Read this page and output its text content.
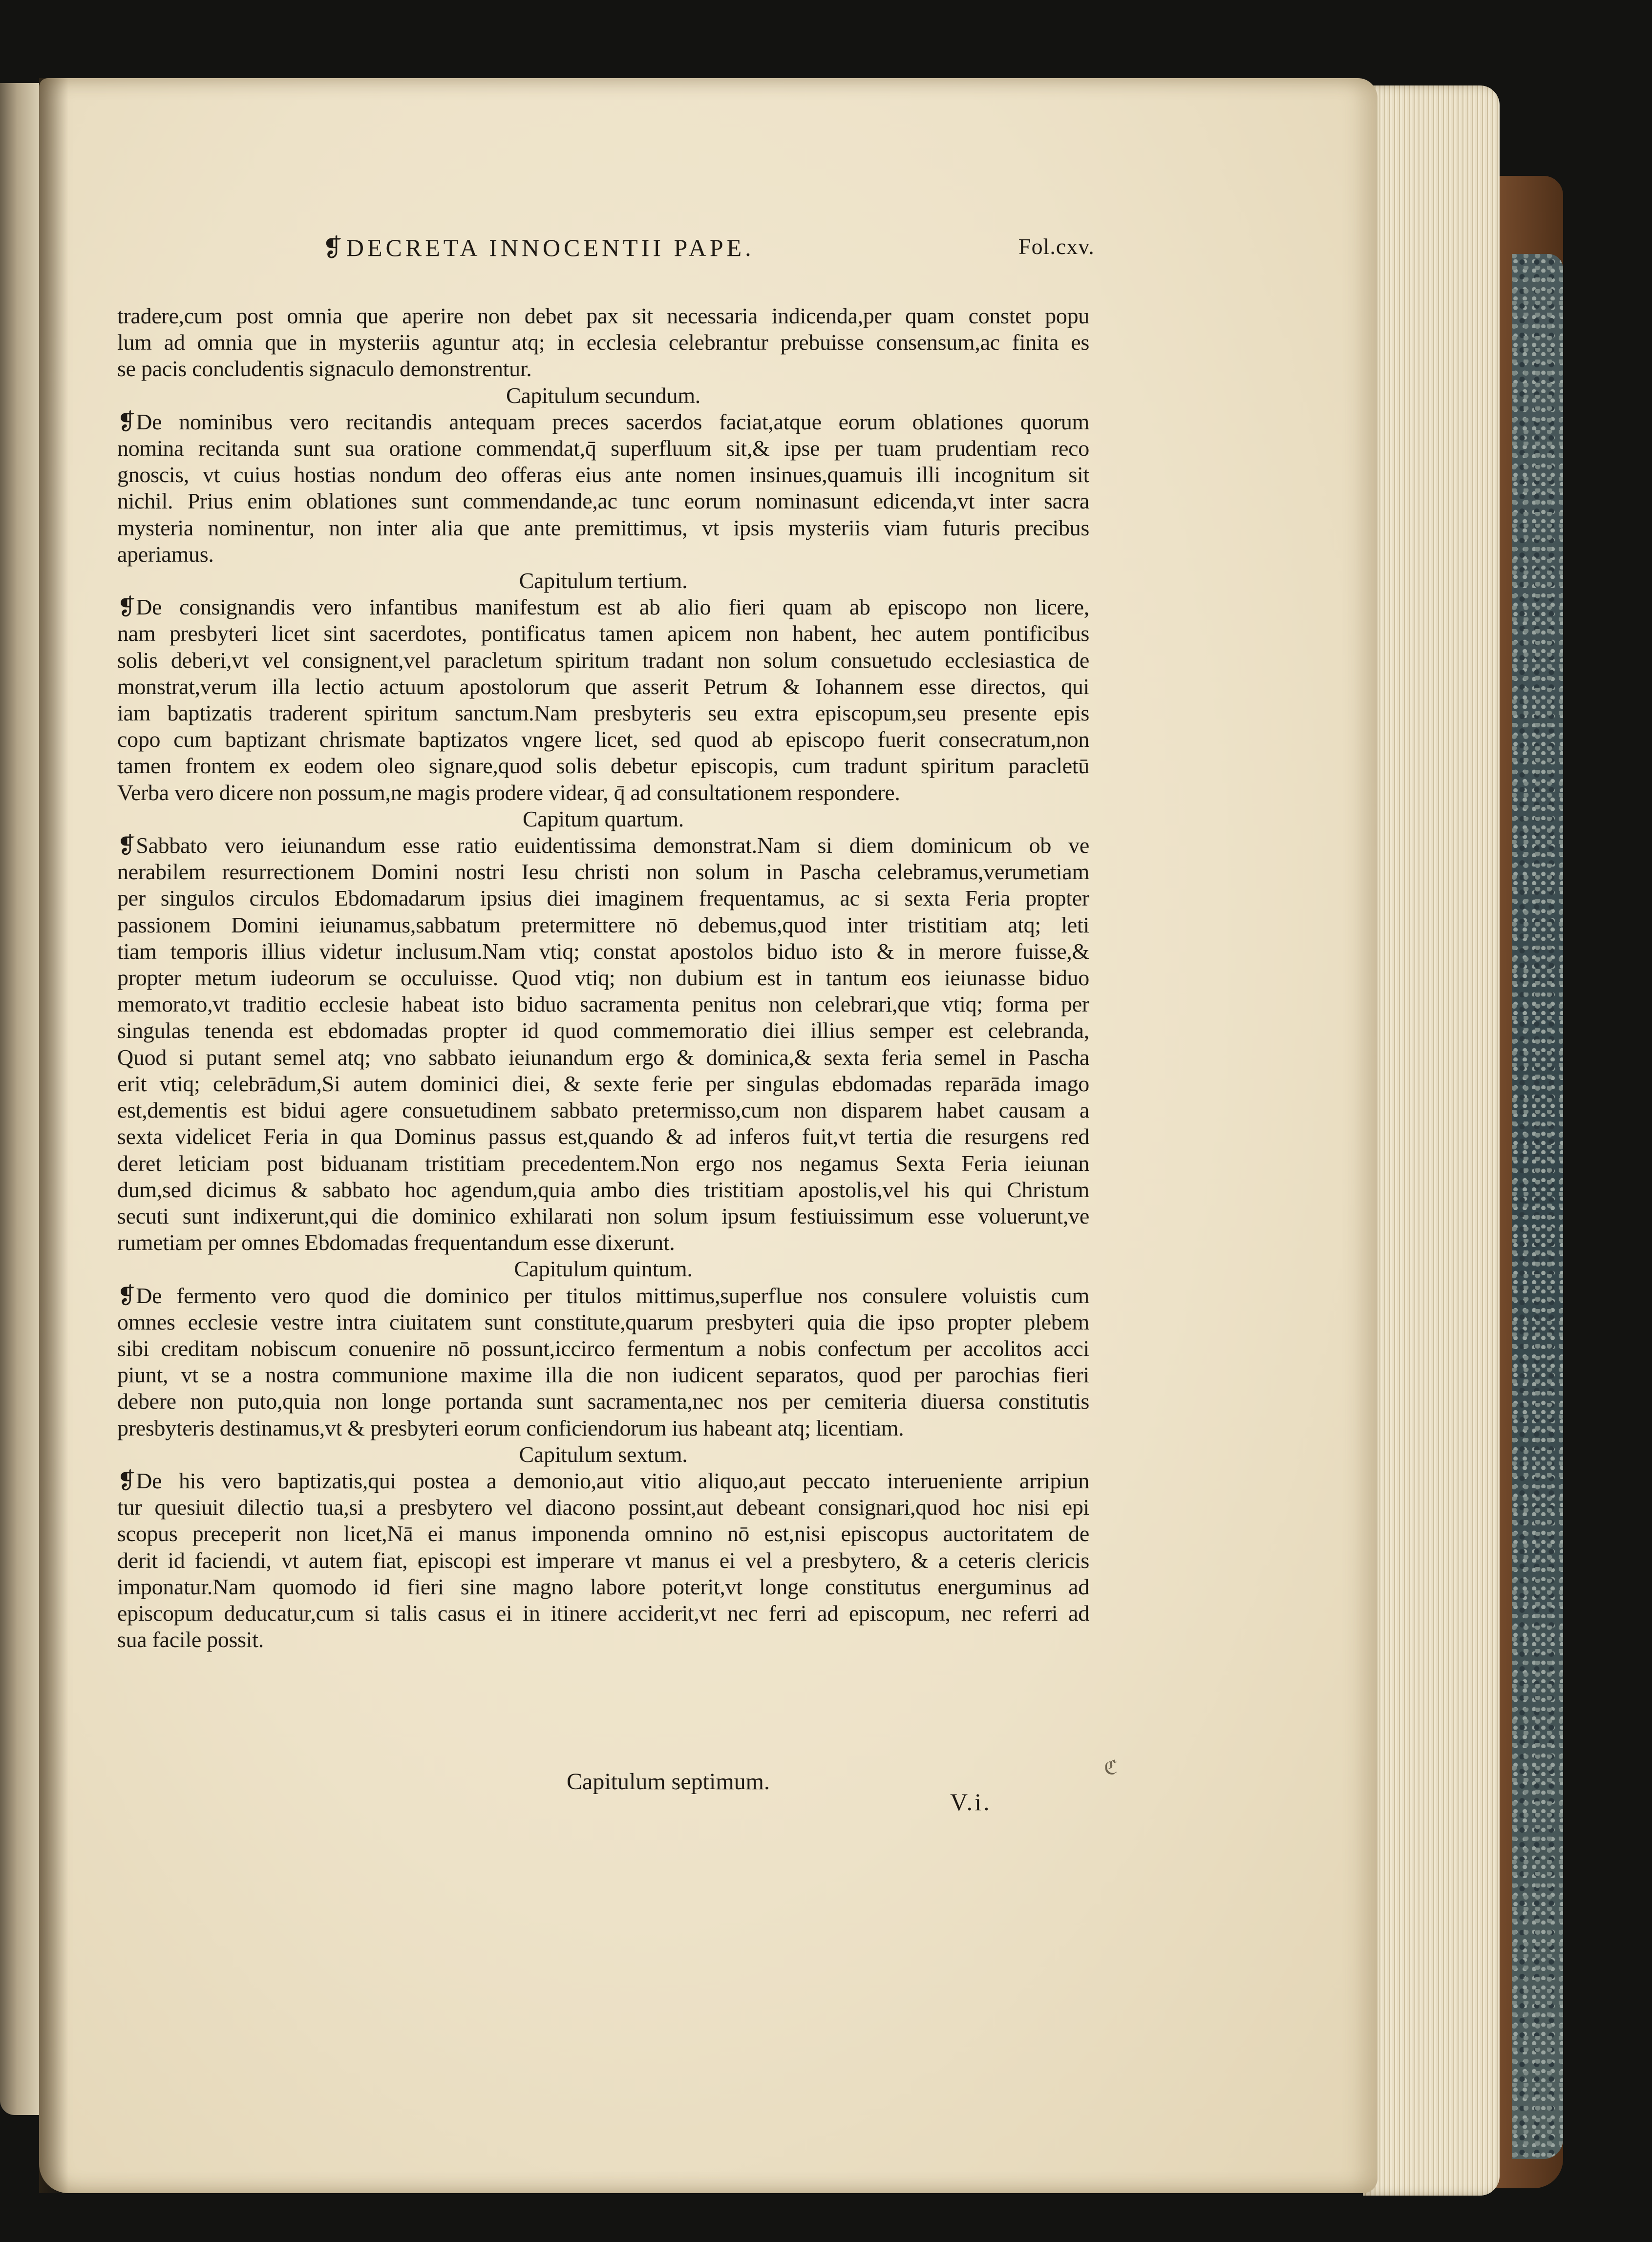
❡DECRETA INNOCENTII PAPE.	Fol.cxv.
tradere,cum post omnia que aperire non debet pax sit necessaria indicenda,per quam constet popu
lum ad omnia que in mysteriis aguntur atq; in ecclesia celebrantur prebuisse consensum,ac finita es
se pacis concludentis signaculo demonstrentur.
Capitulum secundum.
❡De nominibus vero recitandis antequam preces sacerdos faciat,atque eorum oblationes quorum
nomina recitanda sunt sua oratione commendat,q̄ superfluum sit,& ipse per tuam prudentiam reco
gnoscis, vt cuius hostias nondum deo offeras eius ante nomen insinues,quamuis illi incognitum sit
nichil. Prius enim oblationes sunt commendande,ac tunc eorum nominasunt edicenda,vt inter sacra
mysteria nominentur, non inter alia que ante premittimus, vt ipsis mysteriis viam futuris precibus
aperiamus.
Capitulum tertium.
❡De consignandis vero infantibus manifestum est ab alio fieri quam ab episcopo non licere,
nam presbyteri licet sint sacerdotes, pontificatus tamen apicem non habent, hec autem pontificibus
solis deberi,vt vel consignent,vel paracletum spiritum tradant non solum consuetudo ecclesiastica de
monstrat,verum illa lectio actuum apostolorum que asserit Petrum & Iohannem esse directos, qui
iam baptizatis traderent spiritum sanctum.Nam presbyteris seu extra episcopum,seu presente epis
copo cum baptizant chrismate baptizatos vngere licet, sed quod ab episcopo fuerit consecratum,non
tamen frontem ex eodem oleo signare,quod solis debetur episcopis, cum tradunt spiritum paracletū
Verba vero dicere non possum,ne magis prodere videar, q̄ ad consultationem respondere.
Capitum quartum.
❡Sabbato vero ieiunandum esse ratio euidentissima demonstrat.Nam si diem dominicum ob ve
nerabilem resurrectionem Domini nostri Iesu christi non solum in Pascha celebramus,verumetiam
per singulos circulos Ebdomadarum ipsius diei imaginem frequentamus, ac si sexta Feria propter
passionem Domini ieiunamus,sabbatum pretermittere nō debemus,quod inter tristitiam atq; leti
tiam temporis illius videtur inclusum.Nam vtiq; constat apostolos biduo isto & in merore fuisse,&
propter metum iudeorum se occuluisse. Quod vtiq; non dubium est in tantum eos ieiunasse biduo
memorato,vt traditio ecclesie habeat isto biduo sacramenta penitus non celebrari,que vtiq; forma per
singulas tenenda est ebdomadas propter id quod commemoratio diei illius semper est celebranda,
Quod si putant semel atq; vno sabbato ieiunandum ergo & dominica,& sexta feria semel in Pascha
erit vtiq; celebrādum,Si autem dominici diei, & sexte ferie per singulas ebdomadas reparāda imago
est,dementis est bidui agere consuetudinem sabbato pretermisso,cum non disparem habet causam a
sexta videlicet Feria in qua Dominus passus est,quando & ad inferos fuit,vt tertia die resurgens red
deret leticiam post biduanam tristitiam precedentem.Non ergo nos negamus Sexta Feria ieiunan
dum,sed dicimus & sabbato hoc agendum,quia ambo dies tristitiam apostolis,vel his qui Christum
secuti sunt indixerunt,qui die dominico exhilarati non solum ipsum festiuissimum esse voluerunt,ve
rumetiam per omnes Ebdomadas frequentandum esse dixerunt.
Capitulum quintum.
❡De fermento vero quod die dominico per titulos mittimus,superflue nos consulere voluistis cum
omnes ecclesie vestre intra ciuitatem sunt constitute,quarum presbyteri quia die ipso propter plebem
sibi creditam nobiscum conuenire nō possunt,iccirco fermentum a nobis confectum per accolitos acci
piunt, vt se a nostra communione maxime illa die non iudicent separatos, quod per parochias fieri
debere non puto,quia non longe portanda sunt sacramenta,nec nos per cemiteria diuersa constitutis
presbyteris destinamus,vt & presbyteri eorum conficiendorum ius habeant atq; licentiam.
Capitulum sextum.
❡De his vero baptizatis,qui postea a demonio,aut vitio aliquo,aut peccato interueniente arripiun
tur quesiuit dilectio tua,si a presbytero vel diacono possint,aut debeant consignari,quod hoc nisi epi
scopus preceperit non licet,Nā ei manus imponenda omnino nō est,nisi episcopus auctoritatem de
derit id faciendi, vt autem fiat, episcopi est imperare vt manus ei vel a presbytero, & a ceteris clericis
imponatur.Nam quomodo id fieri sine magno labore poterit,vt longe constitutus energuminus ad
episcopum deducatur,cum si talis casus ei in itinere acciderit,vt nec ferri ad episcopum, nec referri ad
sua facile possit.
Capitulum septimum.
V.i.
ℭ
